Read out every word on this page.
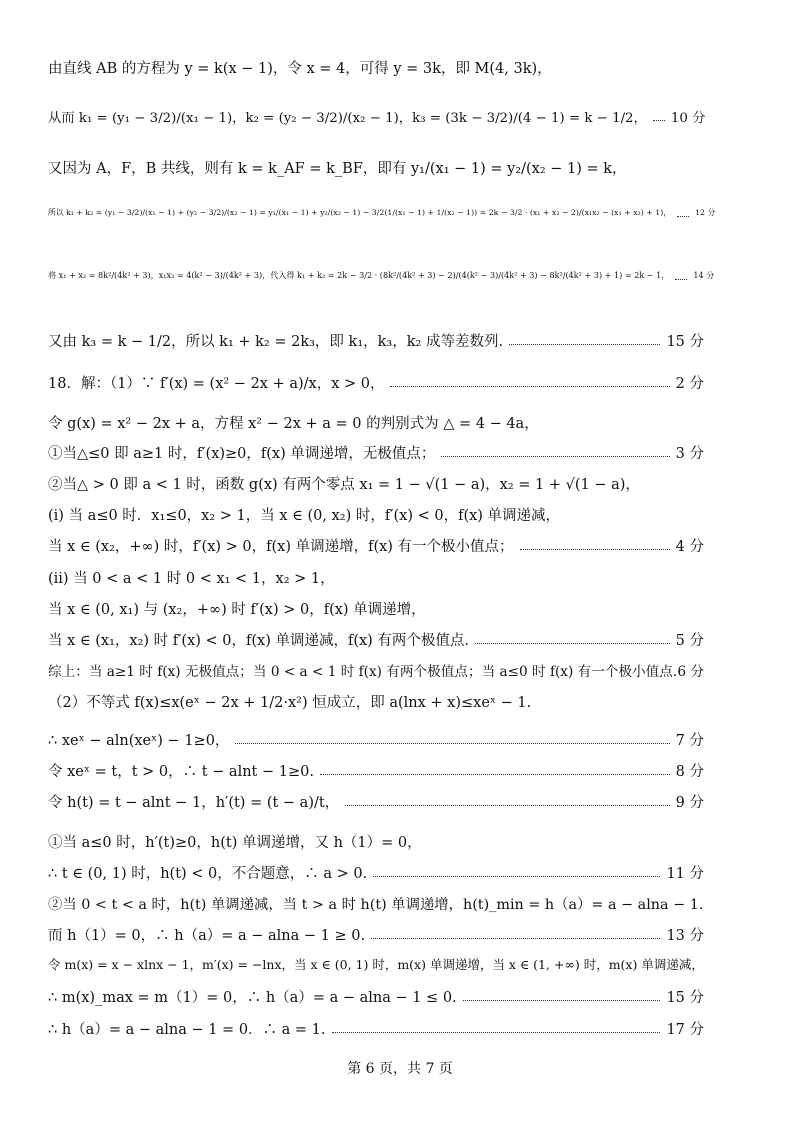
由直线 AB 的方程为 y = k(x − 1)，令 x = 4，可得 y = 3k，即 M(4, 3k)，
从而 k₁ = (y₁ − 3/2)/(x₁ − 1)，k₂ = (y₂ − 3/2)/(x₂ − 1)，k₃ = (3k − 3/2)/(4 − 1) = k − 1/2， 10 分
又因为 A，F，B 共线，则有 k = k_AF = k_BF，即有 y₁/(x₁ − 1) = y₂/(x₂ − 1) = k，
所以 k₁ + k₂ = (y₁ − 3/2)/(x₁ − 1) + (y₂ − 3/2)/(x₂ − 1) = y₁/(x₁ − 1) + y₂/(x₂ − 1) − 3/2(1/(x₁ − 1) + 1/(x₂ − 1)) = 2k − 3/2 · (x₁ + x₂ − 2)/(x₁x₂ − (x₁ + x₂) + 1)，	12 分
将 x₁ + x₂ = 8k²/(4k² + 3)，x₁x₂ = 4(k² − 3)/(4k² + 3)，代入得 k₁ + k₂ = 2k − 3/2 · (8k²/(4k² + 3) − 2)/(4(k² − 3)/(4k² + 3) − 8k²/(4k² + 3) + 1) = 2k − 1，	14 分
又由 k₃ = k − 1/2，所以 k₁ + k₂ = 2k₃，即 k₁，k₃，k₂ 成等差数列.	15 分
18．解：（1）∵ f′(x) = (x² − 2x + a)/x，x > 0，	2 分
令 g(x) = x² − 2x + a，方程 x² − 2x + a = 0 的判别式为 △ = 4 − 4a，
①当△≤0 即 a≥1 时，f′(x)≥0，f(x) 单调递增，无极值点；	3 分
②当△ > 0 即 a < 1 时，函数 g(x) 有两个零点 x₁ = 1 − √(1 − a)，x₂ = 1 + √(1 − a)，
(i) 当 a≤0 时．x₁≤0，x₂ > 1，当 x ∈ (0, x₂) 时，f′(x) < 0，f(x) 单调递减，
当 x ∈ (x₂，+∞) 时，f′(x) > 0，f(x) 单调递增，f(x) 有一个极小值点；	4 分
(ii) 当 0 < a < 1 时 0 < x₁ < 1，x₂ > 1，
当 x ∈ (0, x₁) 与 (x₂，+∞) 时 f′(x) > 0，f(x) 单调递增，
当 x ∈ (x₁，x₂) 时 f′(x) < 0，f(x) 单调递减，f(x) 有两个极值点.	5 分
综上：当 a≥1 时 f(x) 无极值点；当 0 < a < 1 时 f(x) 有两个极值点；当 a≤0 时 f(x) 有一个极小值点. 6 分
（2）不等式 f(x)≤x(eˣ − 2x + 1/2·x²) 恒成立，即 a(lnx + x)≤xeˣ − 1.
∴ xeˣ − aln(xeˣ) − 1≥0，	7 分
令 xeˣ = t，t > 0，∴ t − alnt − 1≥0.	8 分
令 h(t) = t − alnt − 1，h′(t) = (t − a)/t，	9 分
①当 a≤0 时，h′(t)≥0，h(t) 单调递增，又 h（1）= 0，
∴ t ∈ (0, 1) 时，h(t) < 0，不合题意，∴ a > 0.	11 分
②当 0 < t < a 时，h(t) 单调递减，当 t > a 时 h(t) 单调递增，h(t)_min = h（a）= a − alna − 1.
而 h（1）= 0，∴ h（a）= a − alna − 1 ≥ 0.	13 分
令 m(x) = x − xlnx − 1，m′(x) = −lnx，当 x ∈ (0, 1) 时，m(x) 单调递增，当 x ∈ (1, +∞) 时，m(x) 单调递减，
∴ m(x)_max = m（1）= 0，∴ h（a）= a − alna − 1 ≤ 0.	15 分
∴ h（a）= a − alna − 1 = 0．∴ a = 1.	17 分
第 6 页，共 7 页
